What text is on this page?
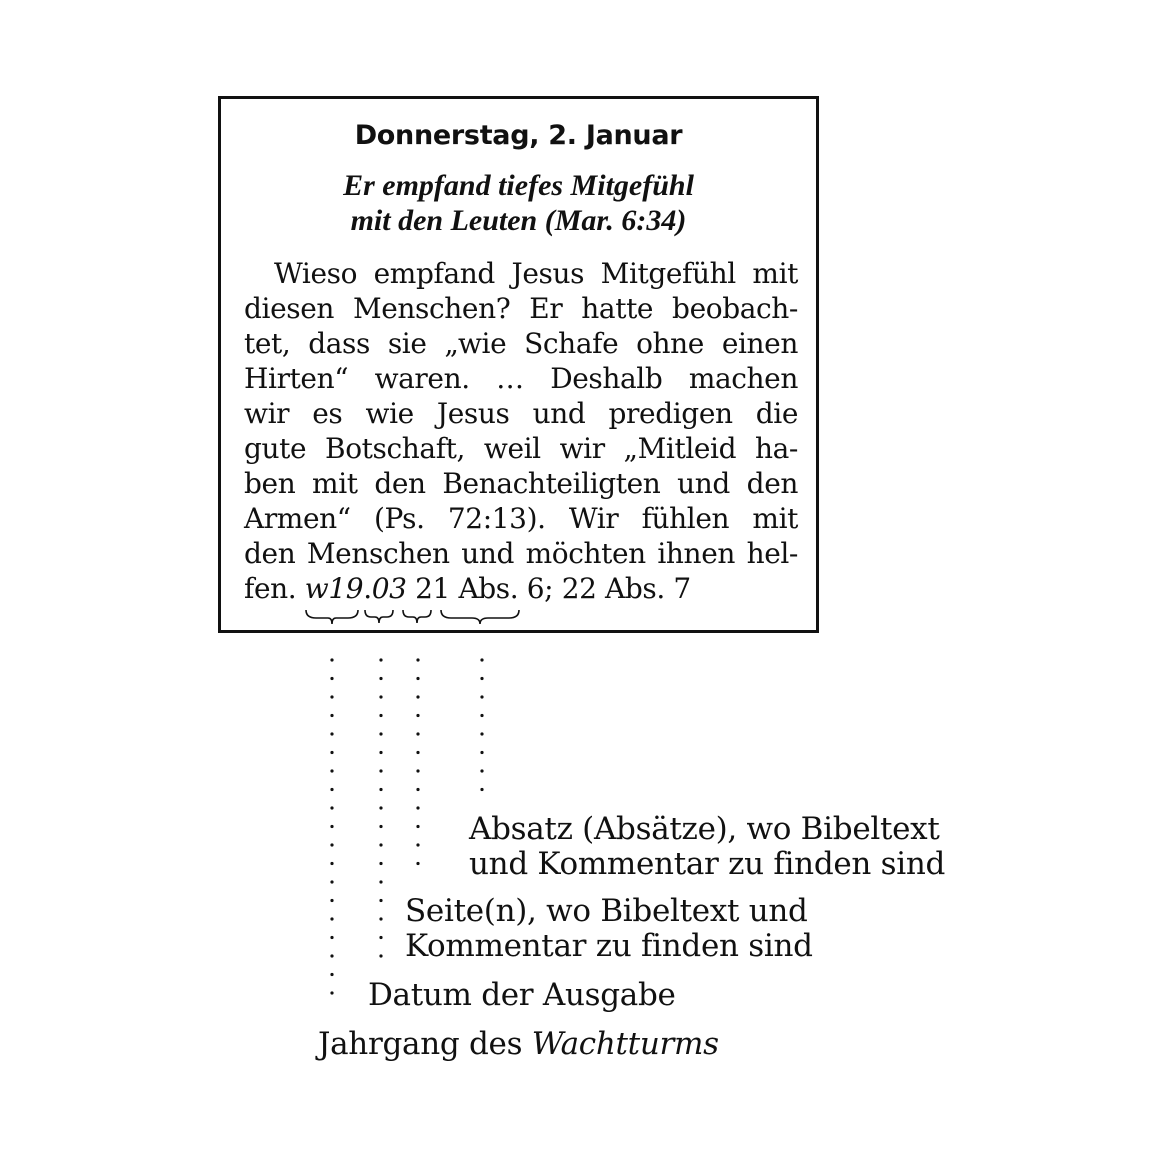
Donnerstag, 2. Januar

Er empfand tiefes Mitgefühl

mit den Leuten (Mar. 6:34)

Wieso empfand Jesus Mitgefühl mit
diesen Menschen? Er hatte beobach-
tet, dass sie „wie Schafe ohne einen
Hirten“ waren. … Deshalb machen
wir es wie Jesus und predigen die
gute Botschaft, weil wir „Mitleid ha-
ben mit den Benachteiligten und den
Armen“ (Ps. 72:13). Wir fühlen mit
den Menschen und möchten ihnen hel-
fen. w19.03 21 Abs. 6; 22 Abs. 7
Absatz (Absätze), wo Bibeltext
und Kommentar zu finden sind
Seite(n), wo Bibeltext und
Kommentar zu finden sind
Datum der Ausgabe
Jahrgang des Wachtturms
